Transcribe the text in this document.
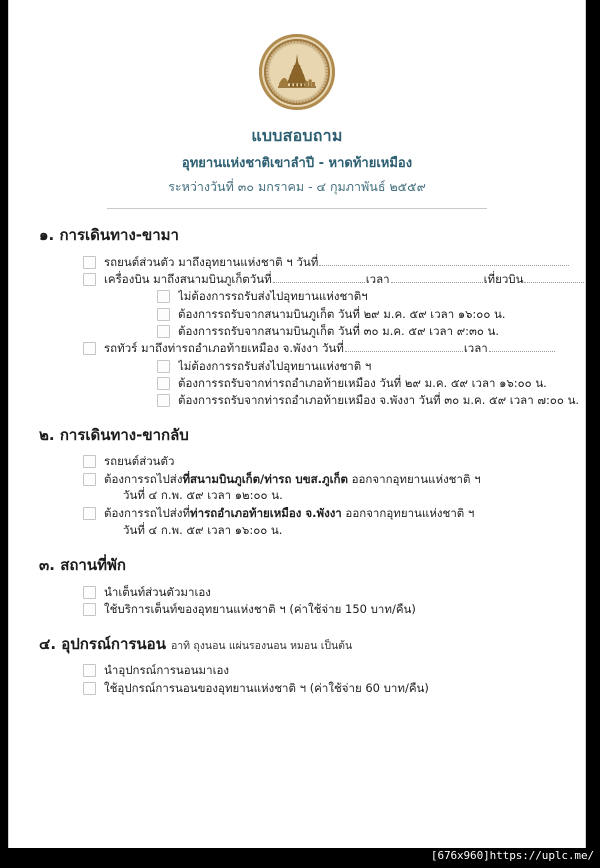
แบบสอบถาม
อุทยานแห่งชาติเขาลำปี - หาดท้ายเหมือง
ระหว่างวันที่ ๓๐ มกราคม - ๔ กุมภาพันธ์ ๒๕๕๙
๑. การเดินทาง-ขามา
รถยนต์ส่วนตัว มาถึงอุทยานแห่งชาติ ฯ วันที่
เครื่องบิน มาถึงสนามบินภูเก็ตวันที่	เวลา	เที่ยวบิน
ไม่ต้องการรถรับส่งไปอุทยานแห่งชาติฯ
ต้องการรถรับจากสนามบินภูเก็ต วันที่ ๒๙ ม.ค. ๕๙ เวลา ๑๖:๐๐ น.
ต้องการรถรับจากสนามบินภูเก็ต วันที่ ๓๐ ม.ค. ๕๙ เวลา ๙:๓๐ น.
รถทัวร์ มาถึงท่ารถอำเภอท้ายเหมือง จ.พังงา วันที่	เวลา
ไม่ต้องการรถรับส่งไปอุทยานแห่งชาติ ฯ
ต้องการรถรับจากท่ารถอำเภอท้ายเหมือง วันที่ ๒๙ ม.ค. ๕๙ เวลา ๑๖:๐๐ น.
ต้องการรถรับจากท่ารถอำเภอท้ายเหมือง จ.พังงา วันที่ ๓๐ ม.ค. ๕๙ เวลา ๗:๐๐ น.
๒. การเดินทาง-ขากลับ
รถยนต์ส่วนตัว
ต้องการรถไปส่งที่สนามบินภูเก็ต/ท่ารถ บขส.ภูเก็ต ออกจากอุทยานแห่งชาติ ฯ
วันที่ ๔ ก.พ. ๕๙ เวลา ๑๒:๐๐ น.
ต้องการรถไปส่งที่ท่ารถอำเภอท้ายเหมือง จ.พังงา ออกจากอุทยานแห่งชาติ ฯ
วันที่ ๔ ก.พ. ๕๙ เวลา ๑๖:๐๐ น.
๓. สถานที่พัก
นำเต็นท์ส่วนตัวมาเอง
ใช้บริการเต็นท์ของอุทยานแห่งชาติ ฯ (ค่าใช้จ่าย 150 บาท/คืน)
๔. อุปกรณ์การนอน อาทิ ถุงนอน แผ่นรองนอน หมอน เป็นต้น
นำอุปกรณ์การนอนมาเอง
ใช้อุปกรณ์การนอนของอุทยานแห่งชาติ ฯ (ค่าใช้จ่าย 60 บาท/คืน)
[676x960]https://uplc.me/
